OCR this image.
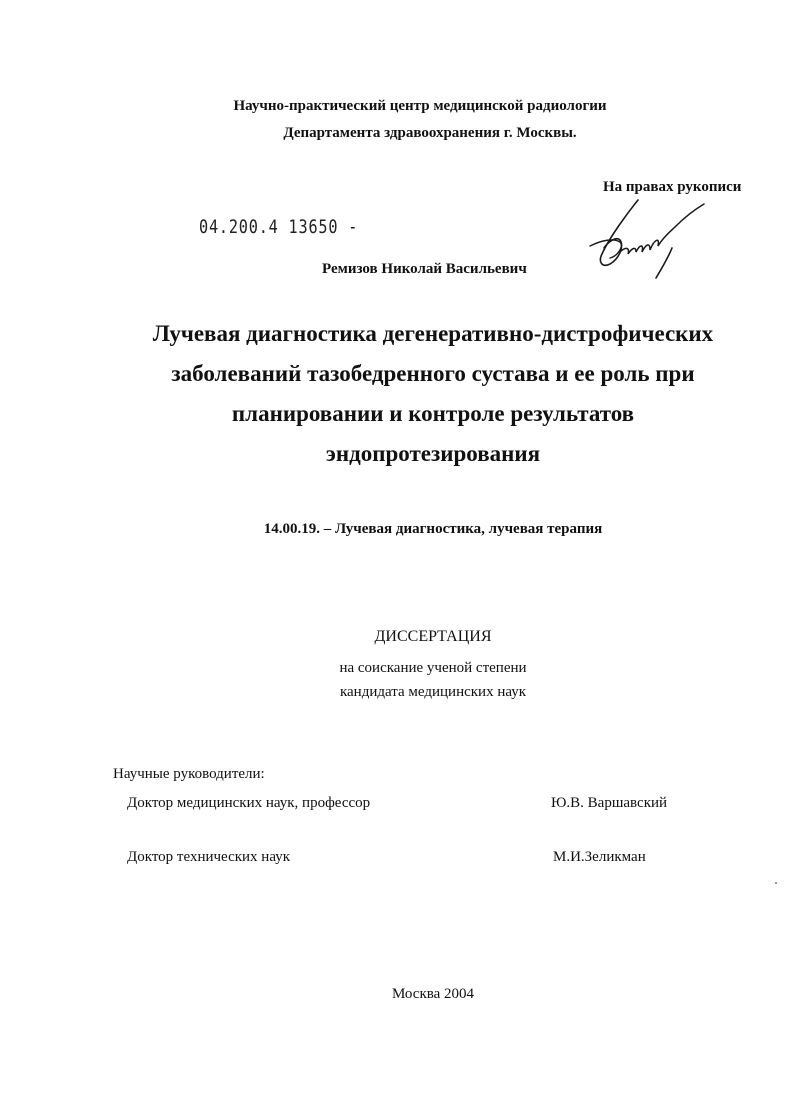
Научно-практический центр медицинской радиологии
Департамента здравоохранения г. Москвы.
На правах рукописи
04.200.4 13650 -
Ремизов Николай Васильевич
Лучевая диагностика дегенеративно-дистрофических
заболеваний тазобедренного сустава и ее роль при
планировании и контроле результатов
эндопротезирования
14.00.19. – Лучевая диагностика, лучевая терапия
ДИССЕРТАЦИЯ
на соискание ученой степени
кандидата медицинских наук
Научные руководители:
Доктор медицинских наук, профессор	Ю.В. Варшавский
Доктор технических наук	М.И.Зеликман
Москва 2004
